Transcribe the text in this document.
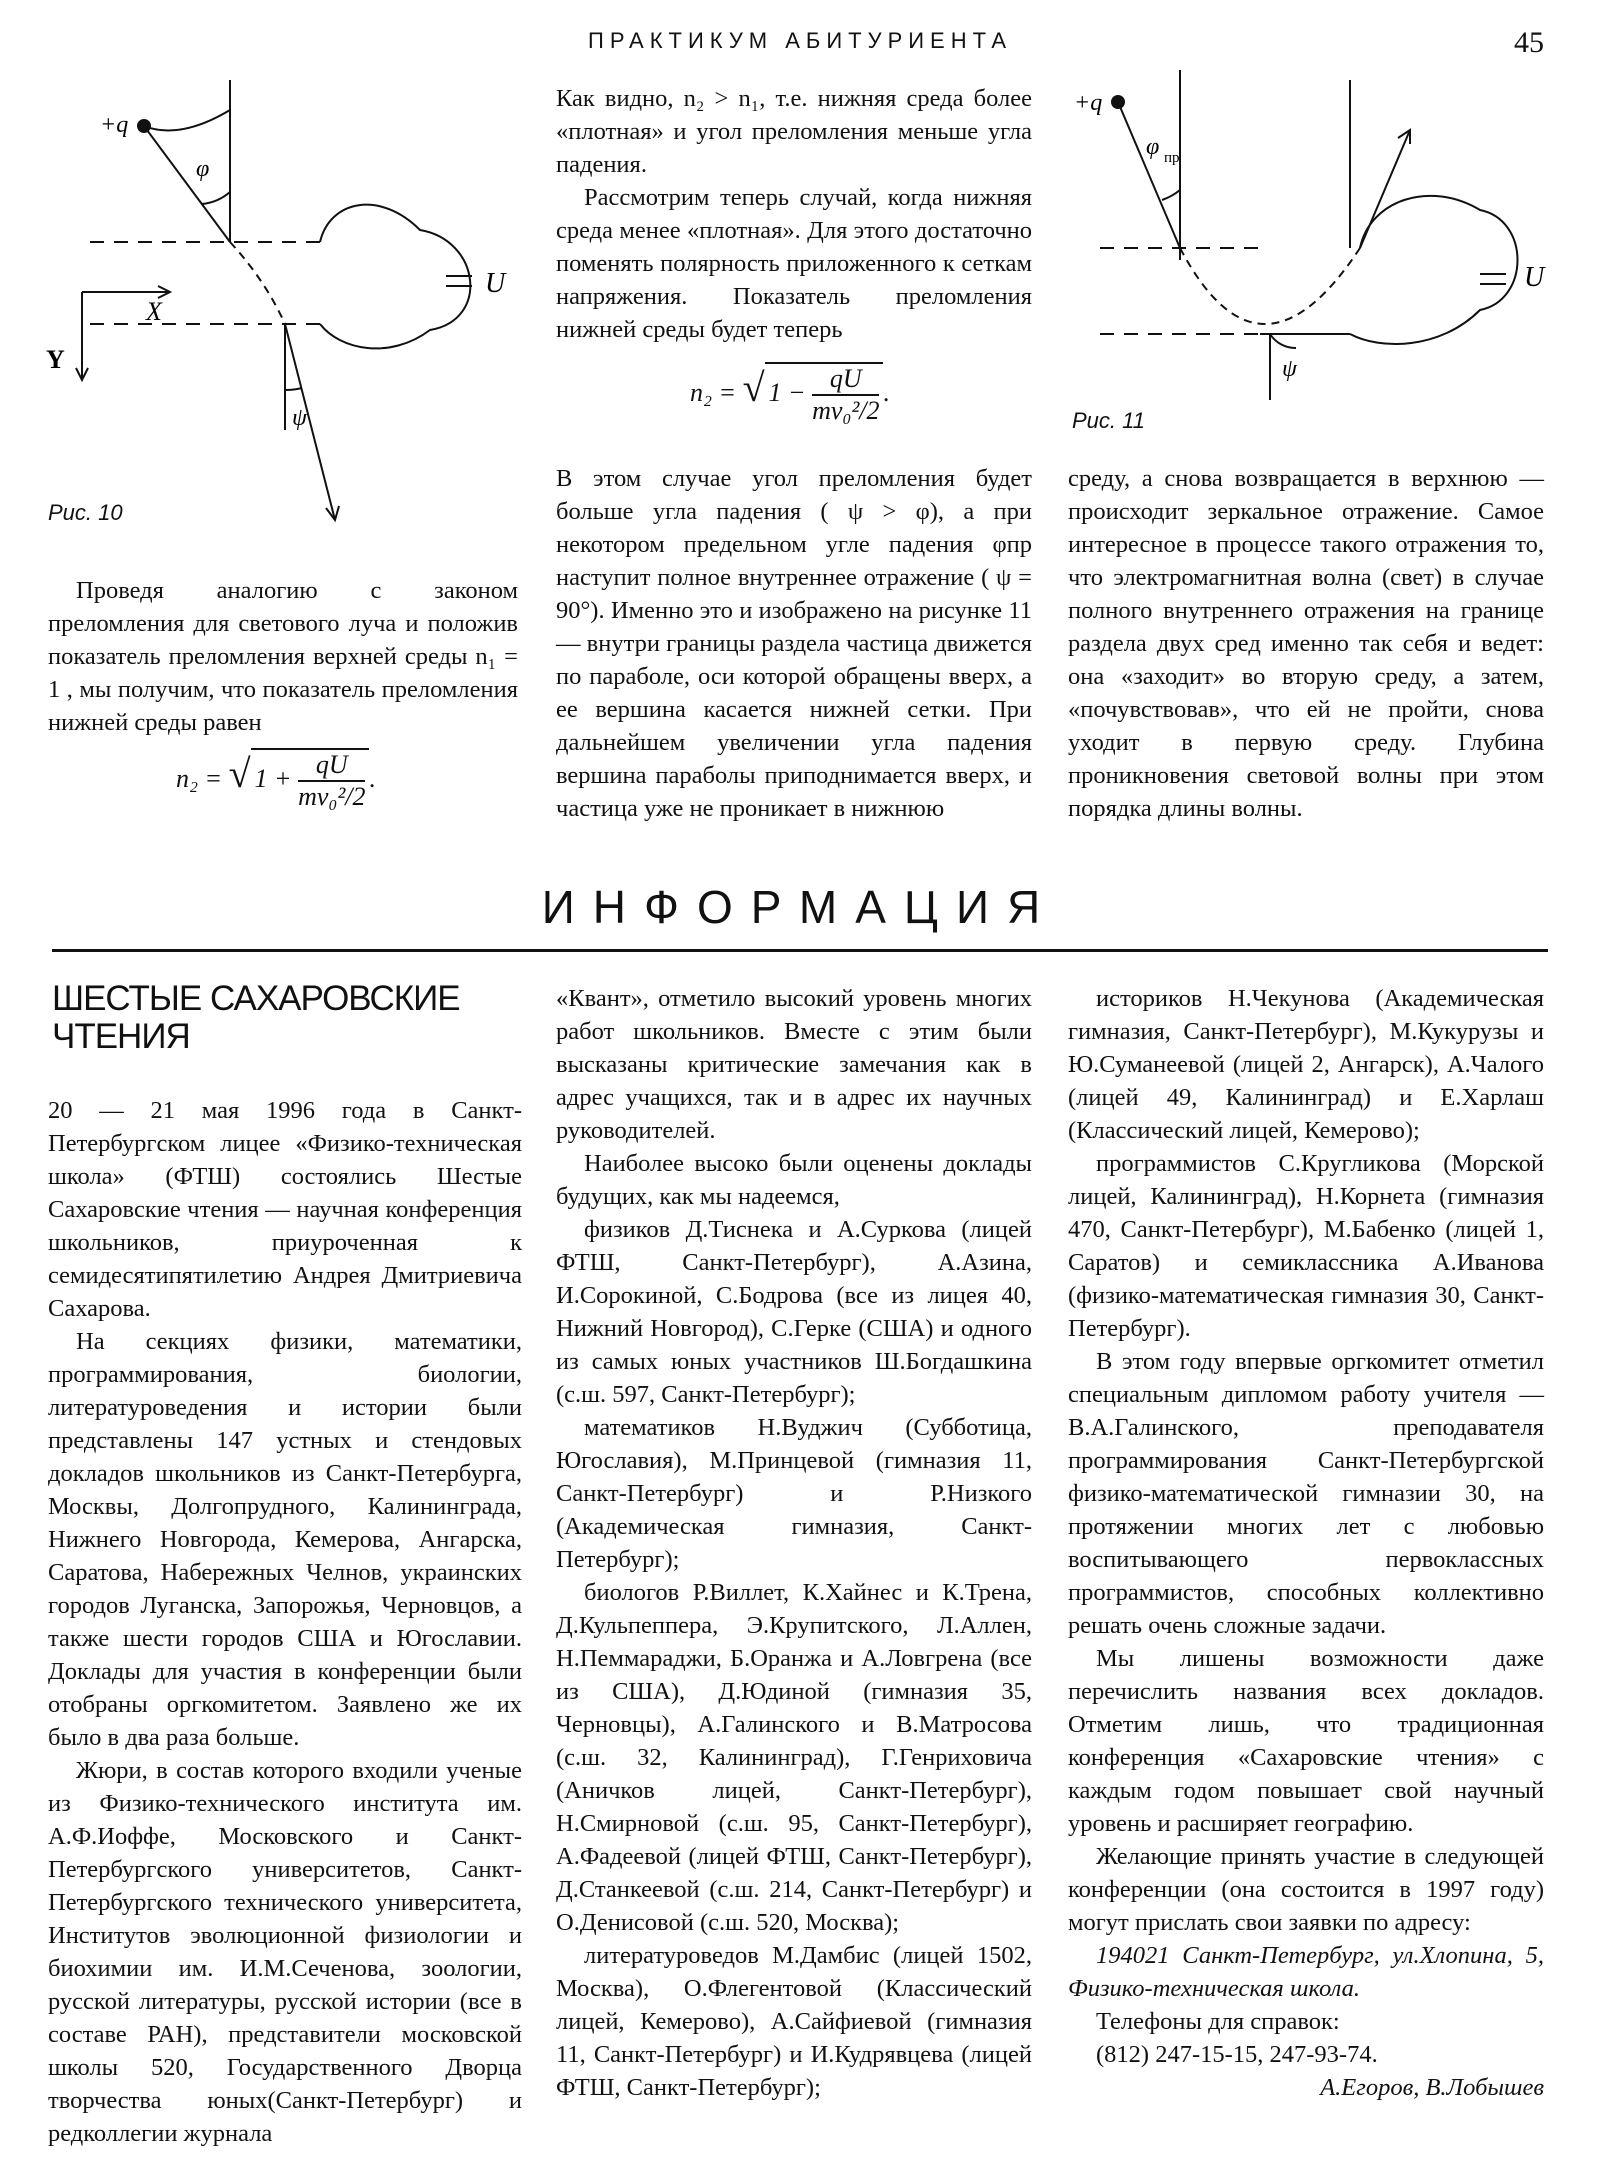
ПРАКТИКУМ АБИТУРИЕНТА	45
+q
φ
ψ
U
X
Y
Рис. 10
+q
φ пр
ψ
U
Рис. 11

Проведя аналогию с законом преломления для светового луча и положив показатель преломления верхней среды n₁ = 1 , мы получим, что показатель преломления нижней среды равен

n₂ = √ $1 + \frac{qU}{\text{mv₀²/2}}$ .

Как видно, n₂ > n₁, т.е. нижняя среда более «плотная» и угол преломления меньше угла падения.

Рассмотрим теперь случай, когда нижняя среда менее «плотная». Для этого достаточно поменять полярность приложенного к сеткам напряжения. Показатель преломления нижней среды будет теперь

n₂ = √ $1 - \frac{qU}{\text{mv₀²/2}}$ .

В этом случае угол преломления будет больше угла падения ( ψ > φ), а при некотором предельном угле падения φпр наступит полное внутреннее отражение ( ψ = 90°). Именно это и изображено на рисунке 11 — внутри границы раздела частица движется по параболе, оси которой обращены вверх, а ее вершина касается нижней сетки. При дальнейшем увеличении угла падения вершина параболы приподнимается вверх, и частица уже не проникает в нижнюю

среду, а снова возвращается в верхнюю — происходит зеркальное отражение. Самое интересное в процессе такого отражения то, что электромагнитная волна (свет) в случае полного внутреннего отражения на границе раздела двух сред именно так себя и ведет: она «заходит» во вторую среду, а затем, «почувствовав», что ей не пройти, снова уходит в первую среду. Глубина проникновения световой волны при этом порядка длины волны.

ИНФОРМАЦИЯ
ШЕСТЫЕ САХАРОВСКИЕ ЧТЕНИЯ

20 — 21 мая 1996 года в Санкт-Петербургском лицее «Физико-техническая школа» (ФТШ) состоялись Шестые Сахаровские чтения — научная конференция школьников, приуроченная к семидесятипятилетию Андрея Дмитриевича Сахарова.

На секциях физики, математики, программирования, биологии, литературоведения и истории были представлены 147 устных и стендовых докладов школьников из Санкт-Петербурга, Москвы, Долгопрудного, Калининграда, Нижнего Новгорода, Кемерова, Ангарска, Саратова, Набережных Челнов, украинских городов Луганска, Запорожья, Черновцов, а также шести городов США и Югославии. Доклады для участия в конференции были отобраны оргкомитетом. Заявлено же их было в два раза больше.

Жюри, в состав которого входили ученые из Физико-технического института им. А.Ф.Иоффе, Московского и Санкт-Петербургского университетов, Санкт-Петербургского технического университета, Институтов эволюционной физиологии и биохимии им. И.М.Сеченова, зоологии, русской литературы, русской истории (все в составе РАН), представители московской школы 520, Государственного Дворца творчества юных(Санкт-Петербург) и редколлегии журнала

«Квант», отметило высокий уровень многих работ школьников. Вместе с этим были высказаны критические замечания как в адрес учащихся, так и в адрес их научных руководителей.

Наиболее высоко были оценены доклады будущих, как мы надеемся,

физиков Д.Тиснека и А.Суркова (лицей ФТШ, Санкт-Петербург), А.Азина, И.Сорокиной, С.Бодрова (все из лицея 40, Нижний Новгород), С.Герке (США) и одного из самых юных участников Ш.Богдашкина (с.ш. 597, Санкт-Петербург);

математиков Н.Вуджич (Субботица, Югославия), М.Принцевой (гимназия 11, Санкт-Петербург) и Р.Низкого (Академическая гимназия, Санкт-Петербург);

биологов Р.Виллет, К.Хайнес и К.Трена, Д.Кульпеппера, Э.Крупитского, Л.Аллен, Н.Пеммараджи, Б.Оранжа и А.Ловгрена (все из США), Д.Юдиной (гимназия 35, Черновцы), А.Галинского и В.Матросова (с.ш. 32, Калининград), Г.Генриховича (Аничков лицей, Санкт-Петербург), Н.Смирновой (с.ш. 95, Санкт-Петербург), А.Фадеевой (лицей ФТШ, Санкт-Петербург), Д.Станкеевой (с.ш. 214, Санкт-Петербург) и О.Денисовой (с.ш. 520, Москва);

литературоведов М.Дамбис (лицей 1502, Москва), О.Флегентовой (Классический лицей, Кемерово), А.Сайфиевой (гимназия 11, Санкт-Петербург) и И.Кудрявцева (лицей ФТШ, Санкт-Петербург);

историков Н.Чекунова (Академическая гимназия, Санкт-Петербург), М.Кукурузы и Ю.Суманеевой (лицей 2, Ангарск), А.Чалого (лицей 49, Калининград) и Е.Харлаш (Классический лицей, Кемерово);

программистов С.Кругликова (Морской лицей, Калининград), Н.Корнета (гимназия 470, Санкт-Петербург), М.Бабенко (лицей 1, Саратов) и семиклассника А.Иванова (физико-математическая гимназия 30, Санкт-Петербург).

В этом году впервые оргкомитет отметил специальным дипломом работу учителя — В.А.Галинского, преподавателя программирования Санкт-Петербургской физико-математической гимназии 30, на протяжении многих лет с любовью воспитывающего первоклассных программистов, способных коллективно решать очень сложные задачи.

Мы лишены возможности даже перечислить названия всех докладов. Отметим лишь, что традиционная конференция «Сахаровские чтения» с каждым годом повышает свой научный уровень и расширяет географию.

Желающие принять участие в следующей конференции (она состоится в 1997 году) могут прислать свои заявки по адресу:

194021 Санкт-Петербург, ул.Хлопина, 5, Физико-техническая школа.

Телефоны для справок:

(812) 247-15-15, 247-93-74.

А.Егоров, В.Лобышев
